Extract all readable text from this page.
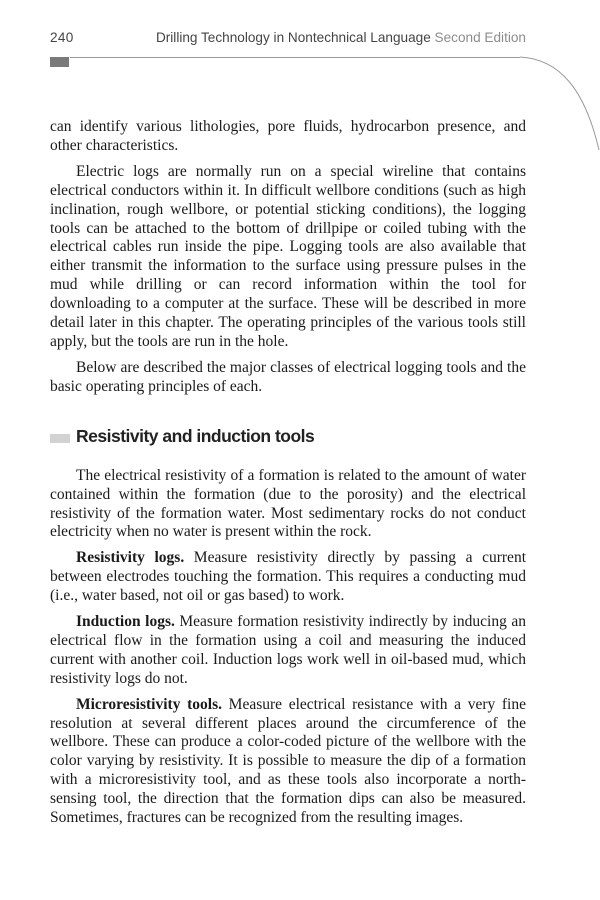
240	Drilling Technology in Nontechnical Language Second Edition

can identify various lithologies, pore fluids, hydrocarbon presence, and other characteristics.

Electric logs are normally run on a special wireline that contains electrical conductors within it. In difficult wellbore conditions (such as high inclination, rough wellbore, or potential sticking conditions), the logging tools can be attached to the bottom of drillpipe or coiled tubing with the electrical cables run inside the pipe. Logging tools are also available that either transmit the information to the surface using pressure pulses in the mud while drilling or can record information within the tool for downloading to a computer at the surface. These will be described in more detail later in this chapter. The operating principles of the various tools still apply, but the tools are run in the hole.

Below are described the major classes of electrical logging tools and the basic operating principles of each.

Resistivity and induction tools

The electrical resistivity of a formation is related to the amount of water contained within the formation (due to the porosity) and the electrical resistivity of the formation water. Most sedimentary rocks do not conduct electricity when no water is present within the rock.

Resistivity logs. Measure resistivity directly by passing a current between electrodes touching the formation. This requires a conducting mud (i.e., water based, not oil or gas based) to work.

Induction logs. Measure formation resistivity indirectly by inducing an electrical flow in the formation using a coil and measuring the induced current with another coil. Induction logs work well in oil-based mud, which resistivity logs do not.

Microresistivity tools. Measure electrical resistance with a very fine resolution at several different places around the circumference of the wellbore. These can produce a color-coded picture of the wellbore with the color varying by resistivity. It is possible to measure the dip of a formation with a microresistivity tool, and as these tools also incorporate a north-sensing tool, the direction that the formation dips can also be measured. Sometimes, fractures can be recognized from the resulting images.
